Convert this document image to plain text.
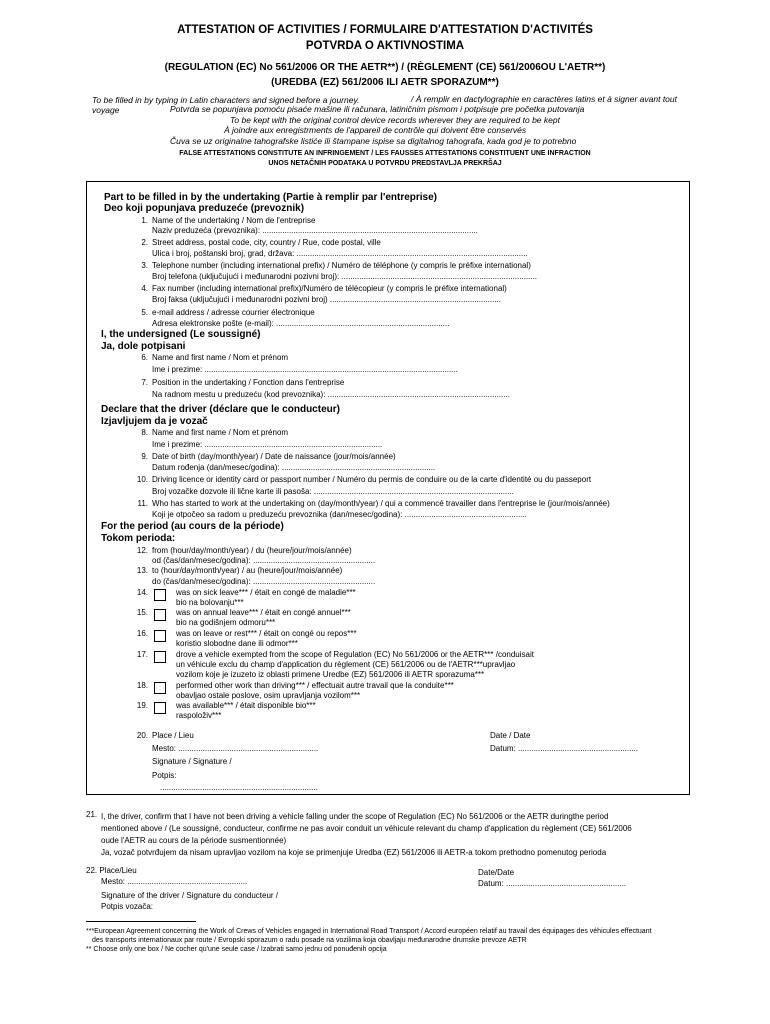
ATTESTATION OF ACTIVITIES / FORMULAIRE D'ATTESTATION D'ACTIVITÉS
POTVRDA O AKTIVNOSTIMA
(REGULATION (EC) No 561/2006 OR THE AETR**) / (RÈGLEMENT (CE) 561/2006OU L'AETR**)
(UREDBA (EZ) 561/2006 ILI AETR SPORAZUM**)
To be filled in by typing in Latin characters and signed before a journey.	/ À remplir en dactylographie en caractères latins et à signer avant tout
voyage	Potvrda se popunjava pomoću pisaće mašine ili računara, latiničnim pismom i potpisuje pre početka putovanja
To be kept with the original control device records wherever they are required to be kept
À joindre aux enregistrments de l'appareil de contrôle qui doivent être conservés
Čuva se uz originalne tahografske listiće ili štampane ispise sa digitalnog tahografa, kada god je to potrebno
FALSE ATTESTATIONS CONSTITUTE AN INFRINGEMENT / LES FAUSSES ATTESTATIONS CONSTITUENT UNE INFRACTION
UNOS NETAČNIH PODATAKA U POTVRDU PREDSTAVLJA PREKRŠAJ
Part to be filled in by the undertaking (Partie à remplir par l'entreprise)
Deo koji popunjava preduzeće (prevoznik)
1. Name of the undertaking / Nom de l'entreprise
Naziv preduzeća (prevoznika): .................................................................................................
2. Street address, postal code, city, country / Rue, code postal, ville
Ulica i broj, poštanski broj, grad, država: ........................................................................................................
3. Telephone number (including international prefix) / Numéro de téléphone (y compris le préfixe international)
Broj telefona (uključujući i međunarodni pozivni broj): ........................................................................................
4. Fax number (including international prefix)/Numéro de télécopieur (y compris le préfixe international)
Broj faksa (uključujući i međunarodni pozivni broj) .............................................................................
5. e-mail address / adresse courrier électronique
Adresa elektronske pošte (e-mail): ..............................................................................
I, the undersigned (Le soussigné)
Ja, dole potpisani
6. Name and first name / Nom et prénom
Ime i prezime: ..................................................................................................................
7. Position in the undertaking / Fonction dans l'entreprise
Na radnom mestu u preduzeću (kod prevoznika): ..................................................................................
Declare that the driver (déclare que le conducteur)
Izjavljujem da je vozač
8. Name and first name / Nom et prénom
Ime i prezime: ................................................................................
9. Date of birth (day/month/year) / Date de naissance (jour/mois/année)
Datum rođenja (dan/mesec/godina): .....................................................................
10. Driving licence or identity card or passport number / Numéro du permis de conduire ou de la carte d'identité ou du passeport
Broj vozačke dozvole ili lične karte ili pasoša: ..........................................................................................
11. Who has started to work at the undertaking on (day/month/year) / qui a commencé travailler dans l'entreprise le (jour/mois/année)
Koji je otpočeo sa radom u preduzeću prevoznika (dan/mesec/godina): .......................................................
For the period (au cours de la période)
Tokom perioda:
12. from (hour/day/month/year) / du (heure/jour/mois/année)
od (čas/dan/mesec/godina): .......................................................
13. to (hour/day/month/year) / au (heure/jour/mois/année)
do (čas/dan/mesec/godina): .......................................................
14.	was on sick leave*** / était en congé de maladie***
bio na bolovanju***
15.	was on annual leave*** / était en congé annuel***
bio na godišnjem odmoru***
16.	was on leave or rest*** / était on congé ou repos***
koristio slobodne dane ili odmor***
17.	drove a vehicle exempted from the scope of Regulation (EC) No 561/2006 or the AETR*** /conduisait
un véhicule exclu du champ d'application du règlement (CE) 561/2006 ou de l'AETR***upravljao
vozilom koje je izuzeto iz oblasti primene Uredbe (EZ) 561/2006 ili AETR sporazuma***
18.	performed other work than driving*** / effectuait autre travail que la conduite***
obavljao ostale poslove, osim upravljanja vozilom***
19.	was available*** / était disponible bio***
raspoloživ***
20. Place / Lieu
Mesto: ...............................................................
Signature / Signature /
Potpis:
.......................................................................
Date / Date
Datum: ......................................................
21. I, the driver, confirm that I have not been driving a vehicle falling under the scope of Regulation (EC) No 561/2006 or the AETR duringthe period
mentioned above / (Le soussigné, conducteur, confirme ne pas avoir conduit un véhicule relevant du champ d'application du règlement (CE) 561/2006
oude l'AETR au cours de la période susmentionnée)
Ja, vozač potvrđujem da nisam upravljao vozilom na koje se primenjuje Uredba (EZ) 561/2006 ili AETR-a tokom prethodno pomenutog perioda
22. Place/Lieu
Mesto: ......................................................
Signature of the driver / Signature du conducteur /
Potpis vozača:
Date/Date
Datum: ......................................................
***European Agreement concerning the Work of Crews of Vehicles engaged in International Road Transport / Accord européen relatif au travail des équipages des véhicules effectuant
des transports internationaux par route / Evropski sporazum o radu posade na vozilima koja obavljaju međunarodne drumske prevoze AETR
** Choose only one box / Ne cocher qu'une seule case / Izabrati samo jednu od ponuđenih opcija
